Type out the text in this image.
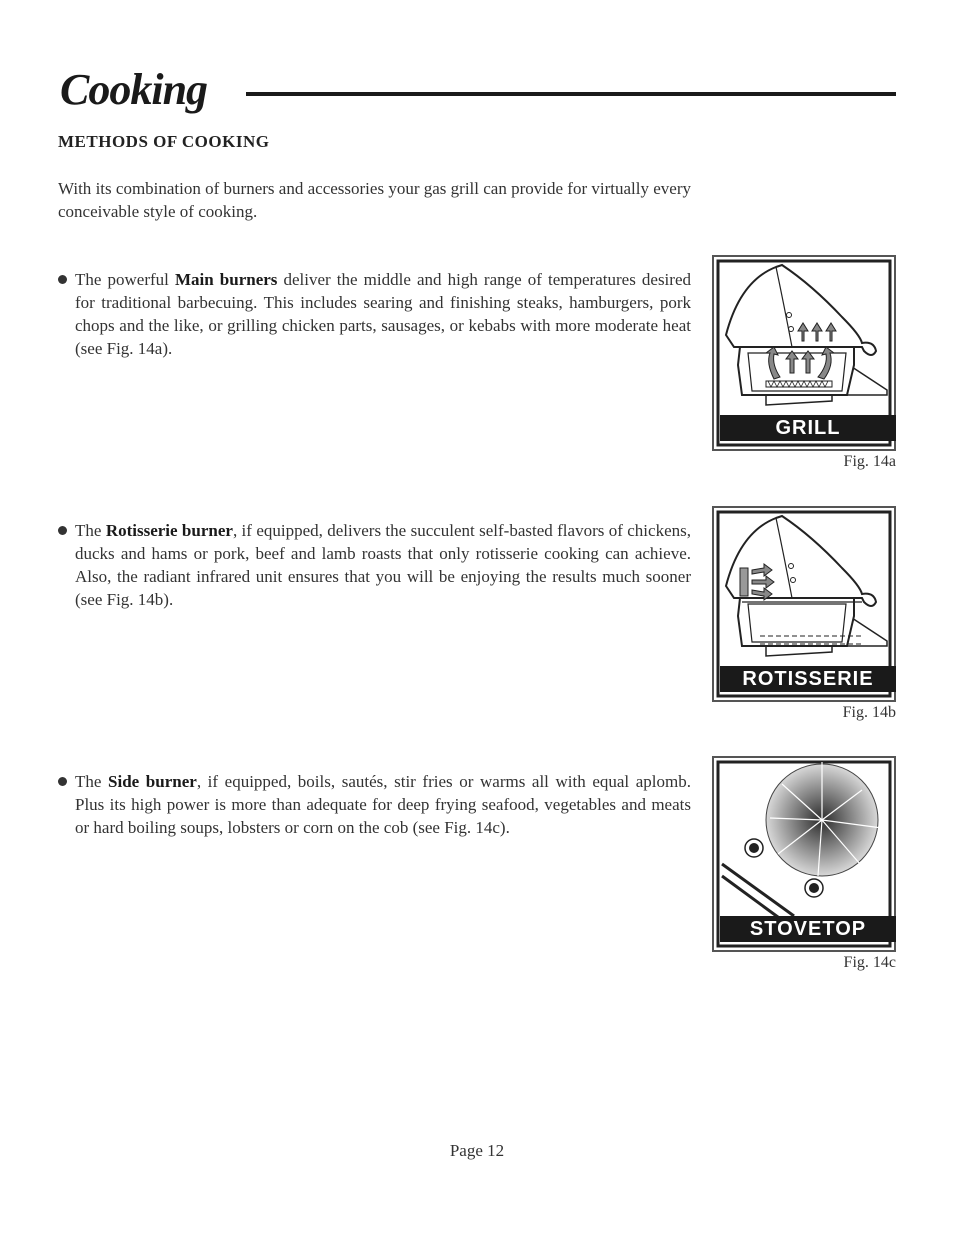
Cooking
METHODS OF COOKING
With its combination of burners and accessories your gas grill can provide for virtually every conceivable style of cooking.
The powerful Main burners deliver the middle and high range of temperatures desired for traditional barbecuing. This includes searing and finishing steaks, hamburgers, pork chops and the like, or grilling chicken parts, sausages, or kebabs with more moderate heat (see Fig. 14a).
The Rotisserie burner, if equipped, delivers the succulent self-basted flavors of chickens, ducks and hams or pork, beef and lamb roasts that only rotisserie cooking can achieve. Also, the radiant infrared unit ensures that you will be enjoying the results much sooner (see Fig. 14b).
The Side burner, if equipped, boils, sautés, stir fries or warms all with equal aplomb. Plus its high power is more than adequate for deep frying seafood, vegetables and meats or hard boiling soups, lobsters or corn on the cob (see Fig. 14c).
GRILL
Fig. 14a
ROTISSERIE
Fig. 14b
STOVETOP
Fig. 14c
Page 12
